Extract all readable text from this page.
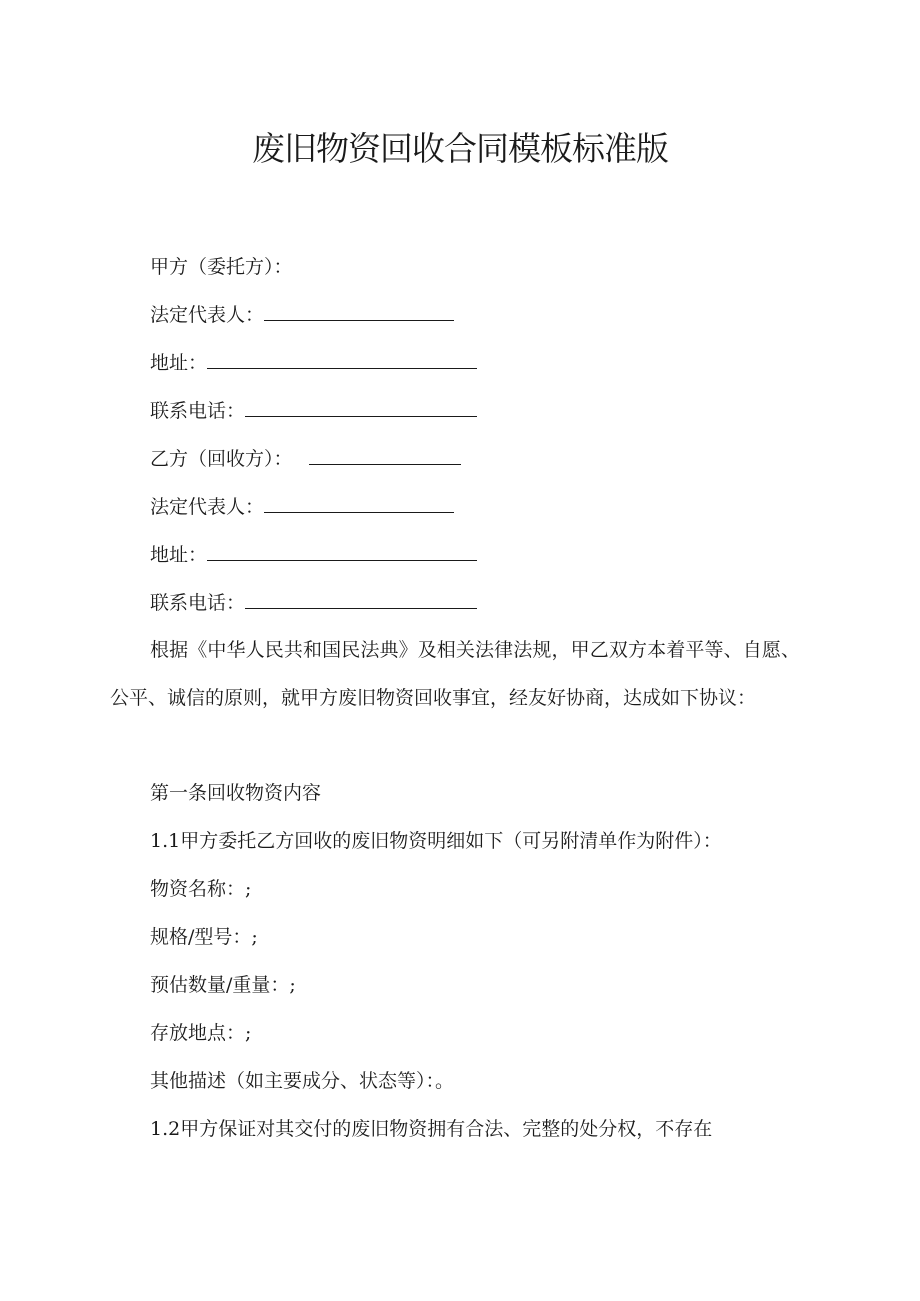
废旧物资回收合同模板标准版
甲方（委托方）：
法定代表人：
地址：
联系电话：
乙方（回收方）：
法定代表人：
地址：
联系电话：

根据《中华人民共和国民法典》及相关法律法规，甲乙双方本着平等、自愿、公平、诚信的原则，就甲方废旧物资回收事宜，经友好协商，达成如下协议：

第一条回收物资内容
1.1甲方委托乙方回收的废旧物资明细如下（可另附清单作为附件）：
物资名称：;
规格/型号：;
预估数量/重量：;
存放地点：;
其他描述（如主要成分、状态等）：。
1.2甲方保证对其交付的废旧物资拥有合法、完整的处分权，不存在
